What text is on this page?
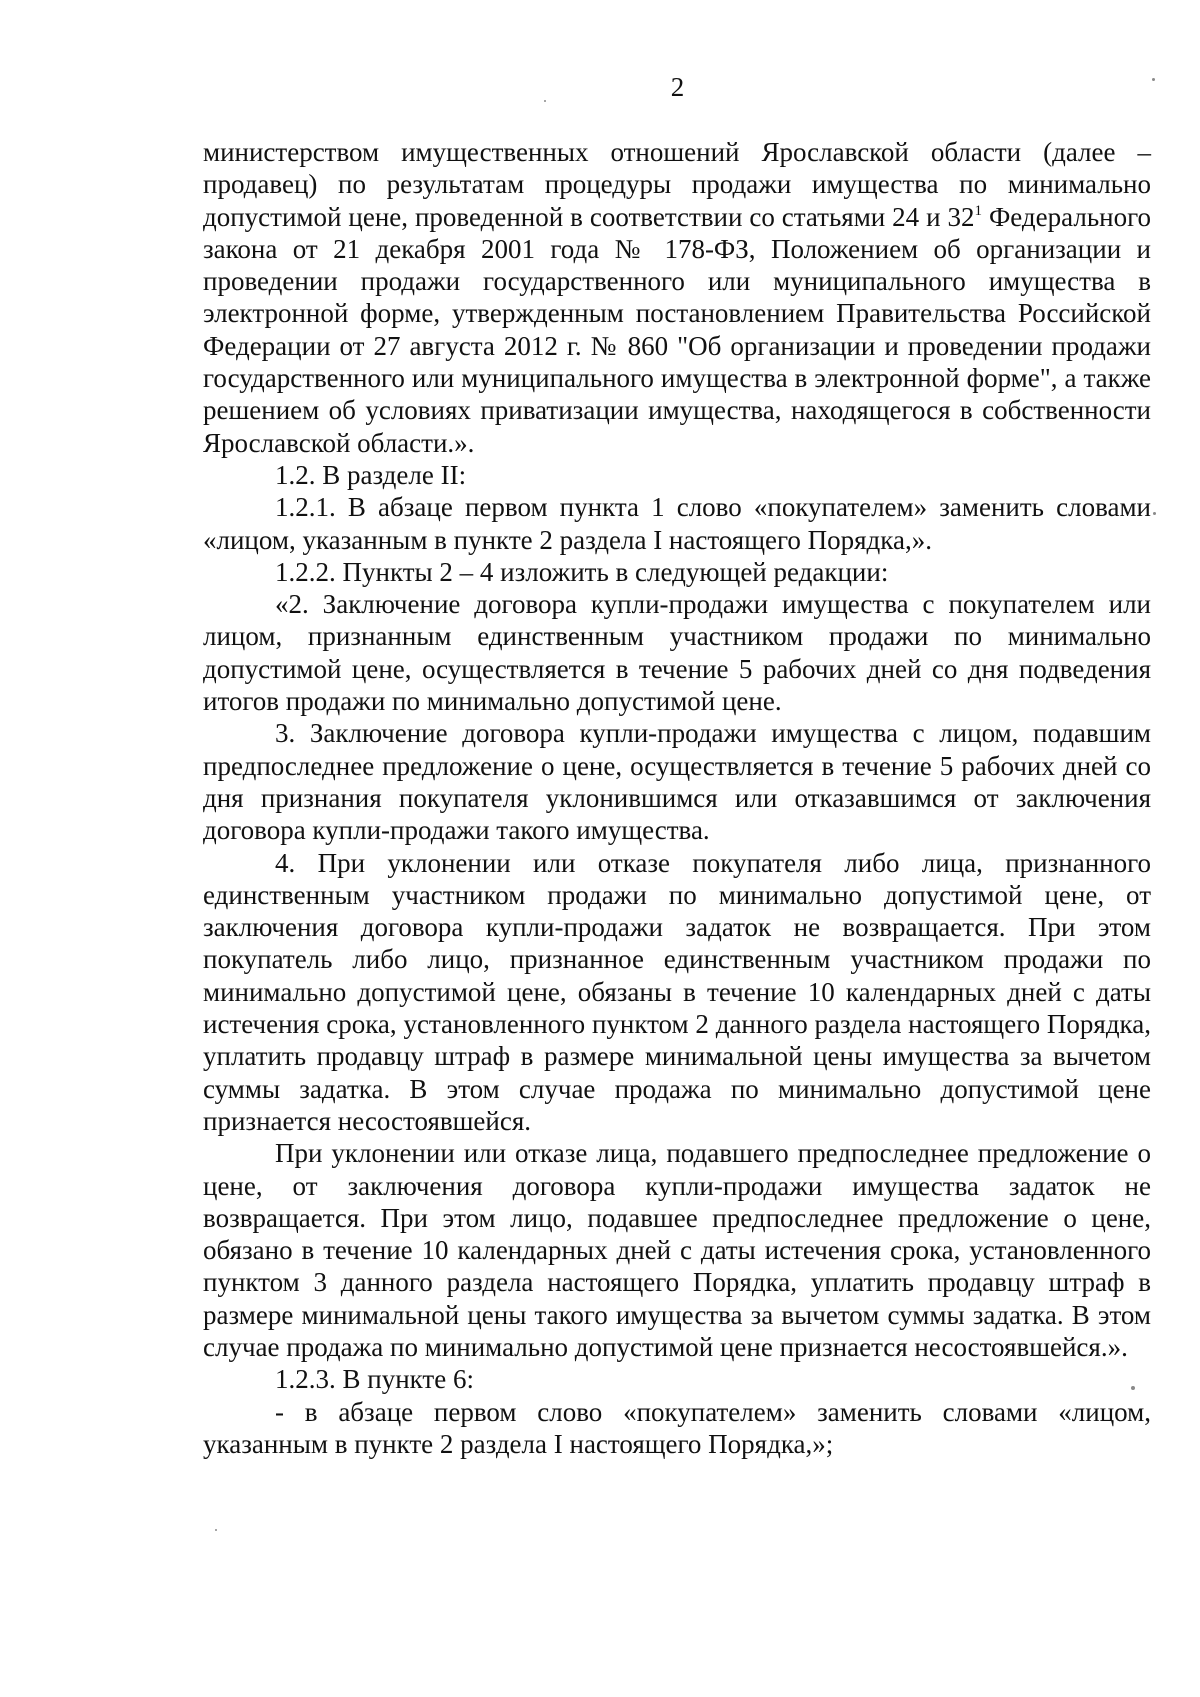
2

министерством имущественных отношений Ярославской области (далее – продавец) по результатам процедуры продажи имущества по минимально допустимой цене, проведенной в соответствии со статьями 24 и $32^1$ Федерального закона от 21 декабря 2001 года № 178-ФЗ, Положением об организации и проведении продажи государственного или муниципального имущества в электронной форме, утвержденным постановлением Правительства Российской Федерации от 27 августа 2012 г. № 860 "Об организации и проведении продажи государственного или муниципального имущества в электронной форме", а также решением об условиях приватизации имущества, находящегося в собственности Ярославской области.».

1.2. В разделе II:

1.2.1. В абзаце первом пункта 1 слово «покупателем» заменить словами «лицом, указанным в пункте 2 раздела I настоящего Порядка,».

1.2.2. Пункты 2 – 4 изложить в следующей редакции:

«2. Заключение договора купли-продажи имущества с покупателем или лицом, признанным единственным участником продажи по минимально допустимой цене, осуществляется в течение 5 рабочих дней со дня подведения итогов продажи по минимально допустимой цене.

3. Заключение договора купли-продажи имущества с лицом, подавшим предпоследнее предложение о цене, осуществляется в течение 5 рабочих дней со дня признания покупателя уклонившимся или отказавшимся от заключения договора купли-продажи такого имущества.

4. При уклонении или отказе покупателя либо лица, признанного единственным участником продажи по минимально допустимой цене, от заключения договора купли-продажи задаток не возвращается. При этом покупатель либо лицо, признанное единственным участником продажи по минимально допустимой цене, обязаны в течение 10 календарных дней с даты истечения срока, установленного пунктом 2 данного раздела настоящего Порядка, уплатить продавцу штраф в размере минимальной цены имущества за вычетом суммы задатка. В этом случае продажа по минимально допустимой цене признается несостоявшейся.

При уклонении или отказе лица, подавшего предпоследнее предложение о цене, от заключения договора купли-продажи имущества задаток не возвращается. При этом лицо, подавшее предпоследнее предложение о цене, обязано в течение 10 календарных дней с даты истечения срока, установленного пунктом 3 данного раздела настоящего Порядка, уплатить продавцу штраф в размере минимальной цены такого имущества за вычетом суммы задатка. В этом случае продажа по минимально допустимой цене признается несостоявшейся.».

1.2.3. В пункте 6:

- в абзаце первом слово «покупателем» заменить словами «лицом, указанным в пункте 2 раздела I настоящего Порядка,»;
